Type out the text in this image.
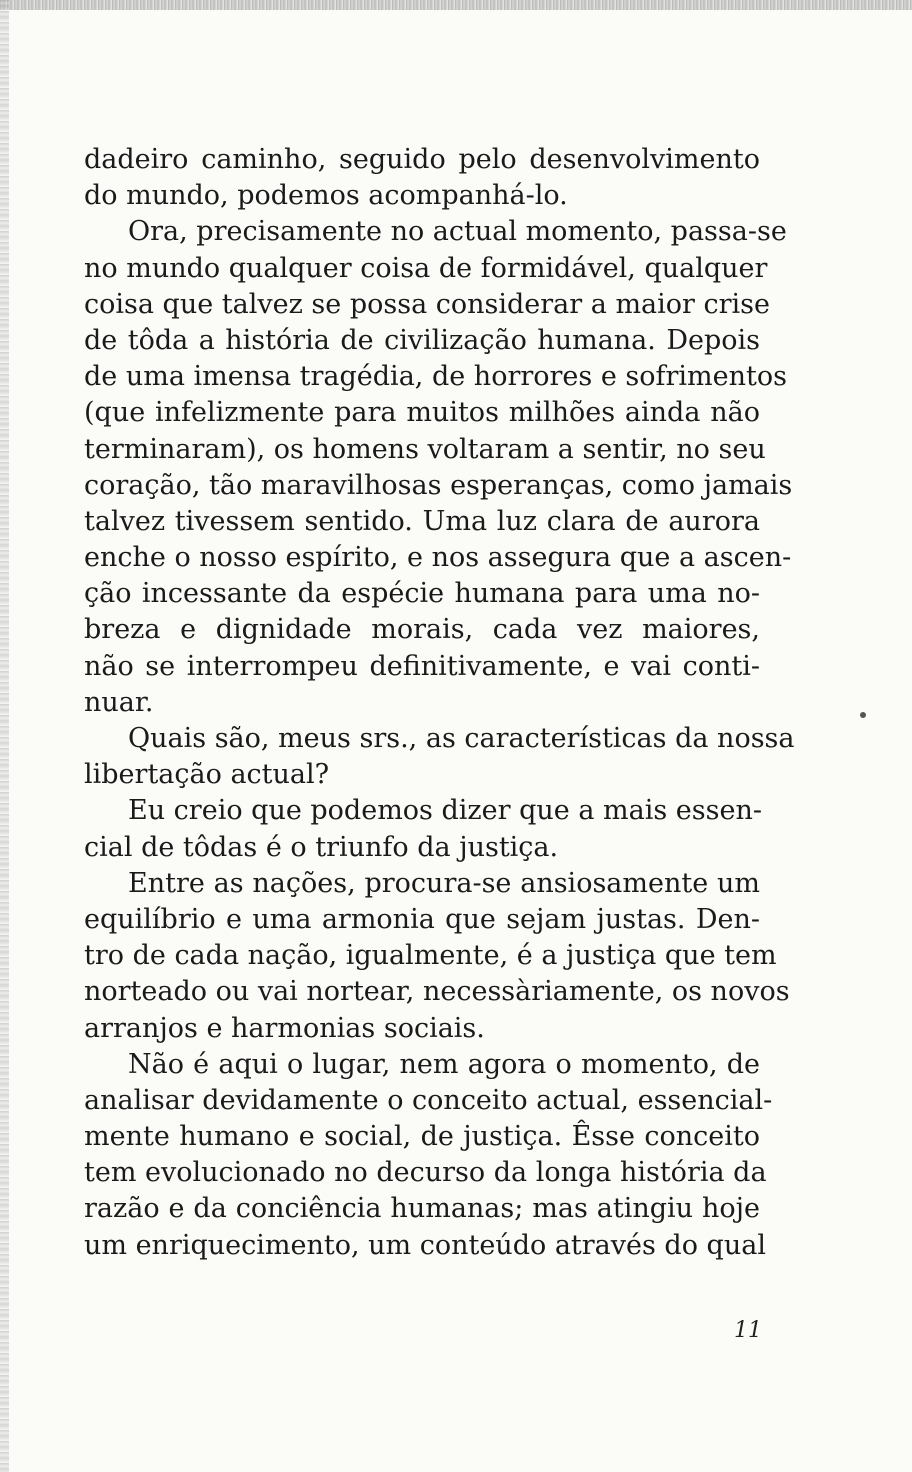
dadeiro caminho, seguido pelo desenvolvimento
do mundo, podemos acompanhá-lo.
Ora, precisamente no actual momento, passa-se
no mundo qualquer coisa de formidável, qualquer
coisa que talvez se possa considerar a maior crise
de tôda a história de civilização humana. Depois
de uma imensa tragédia, de horrores e sofrimentos
(que infelizmente para muitos milhões ainda não
terminaram), os homens voltaram a sentir, no seu
coração, tão maravilhosas esperanças, como jamais
talvez tivessem sentido. Uma luz clara de aurora
enche o nosso espírito, e nos assegura que a ascen-
ção incessante da espécie humana para uma no-
breza e dignidade morais, cada vez maiores,
não se interrompeu definitivamente, e vai conti-
nuar.
Quais são, meus srs., as características da nossa
libertação actual?
Eu creio que podemos dizer que a mais essen-
cial de tôdas é o triunfo da justiça.
Entre as nações, procura-se ansiosamente um
equilíbrio e uma armonia que sejam justas. Den-
tro de cada nação, igualmente, é a justiça que tem
norteado ou vai nortear, necessàriamente, os novos
arranjos e harmonias sociais.
Não é aqui o lugar, nem agora o momento, de
analisar devidamente o conceito actual, essencial-
mente humano e social, de justiça. Êsse conceito
tem evolucionado no decurso da longa história da
razão e da conciência humanas; mas atingiu hoje
um enriquecimento, um conteúdo através do qual
11
